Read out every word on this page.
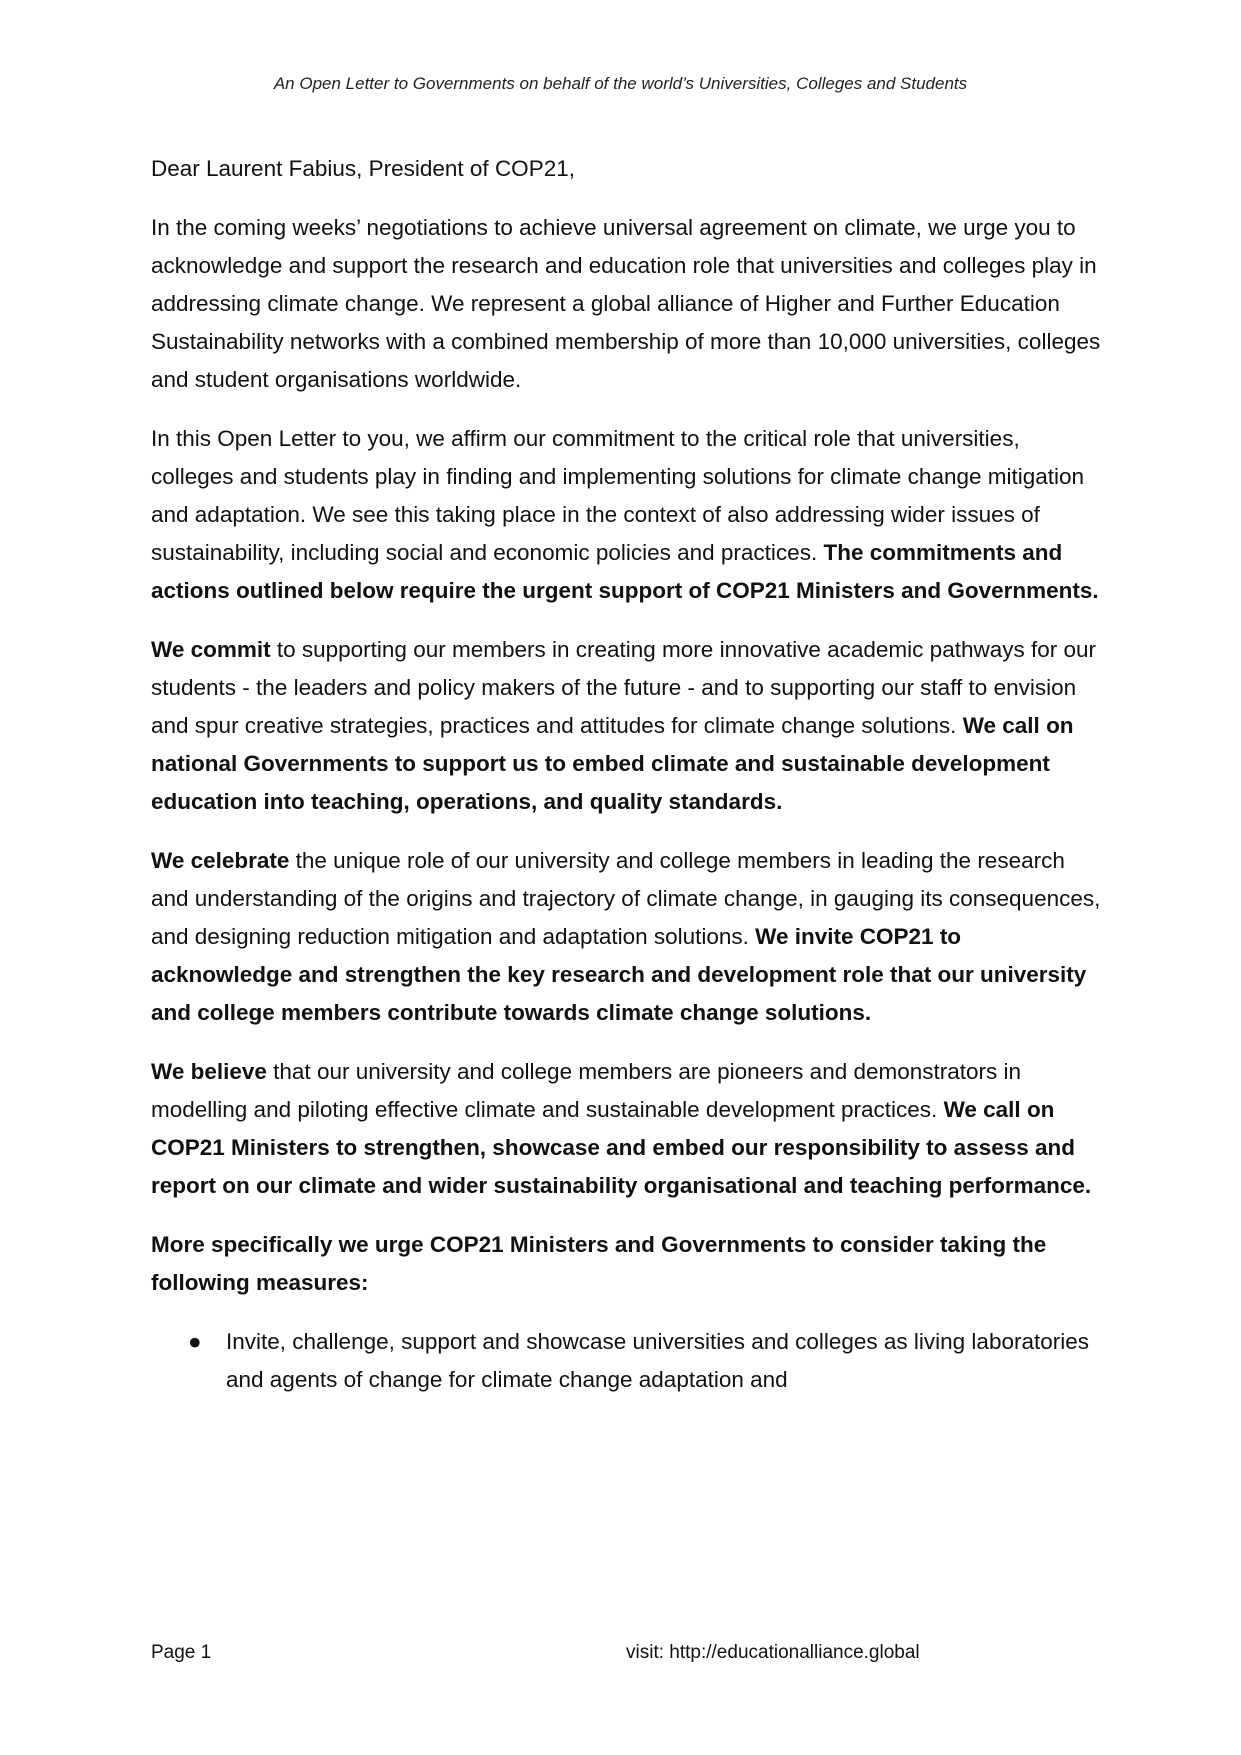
An Open Letter to Governments on behalf of the world’s Universities, Colleges and Students

Dear Laurent Fabius, President of COP21,

In the coming weeks’ negotiations to achieve universal agreement on climate, we urge you to acknowledge and support the research and education role that universities and colleges play in addressing climate change. We represent a global alliance of Higher and Further Education Sustainability networks with a combined membership of more than 10,000 universities, colleges and student organisations worldwide.

In this Open Letter to you, we affirm our commitment to the critical role that universities, colleges and students play in finding and implementing solutions for climate change mitigation and adaptation. We see this taking place in the context of also addressing wider issues of sustainability, including social and economic policies and practices. The commitments and actions outlined below require the urgent support of COP21 Ministers and Governments.

We commit to supporting our members in creating more innovative academic pathways for our students - the leaders and policy makers of the future - and to supporting our staff to envision and spur creative strategies, practices and attitudes for climate change solutions. We call on national Governments to support us to embed climate and sustainable development education into teaching, operations, and quality standards.

We celebrate the unique role of our university and college members in leading the research and understanding of the origins and trajectory of climate change, in gauging its consequences, and designing reduction mitigation and adaptation solutions. We invite COP21 to acknowledge and strengthen the key research and development role that our university and college members contribute towards climate change solutions.

We believe that our university and college members are pioneers and demonstrators in modelling and piloting effective climate and sustainable development practices. We call on COP21 Ministers to strengthen, showcase and embed our responsibility to assess and report on our climate and wider sustainability organisational and teaching performance.

More specifically we urge COP21 Ministers and Governments to consider taking the following measures:

● Invite, challenge, support and showcase universities and colleges as living laboratories and agents of change for climate change adaptation and
Page 1	visit: http://educationalliance.global
